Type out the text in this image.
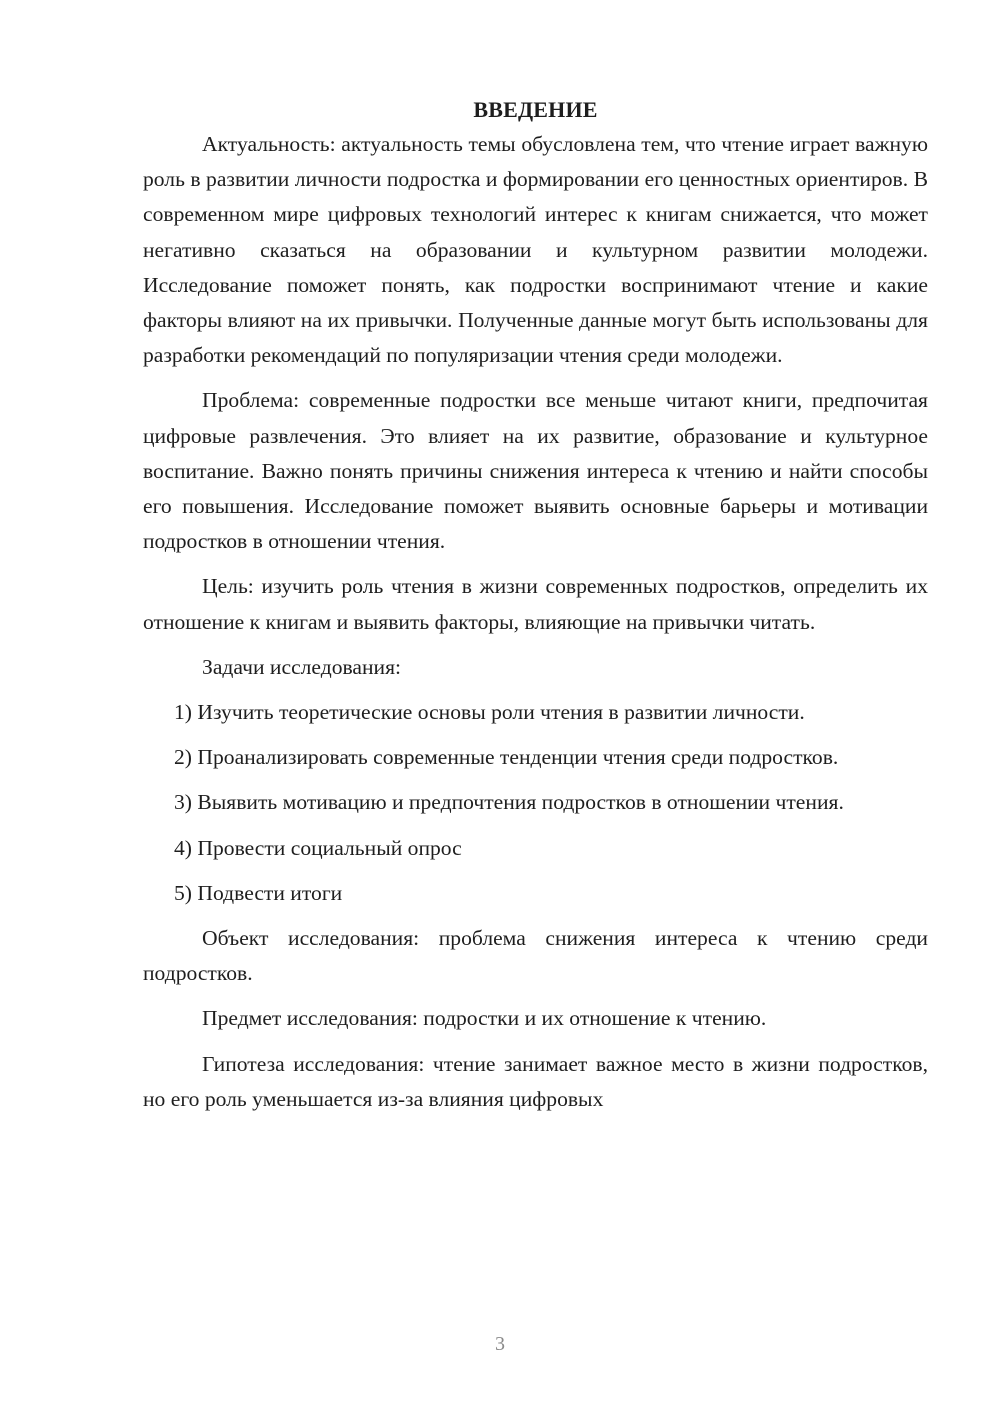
ВВЕДЕНИЕ

Актуальность: актуальность темы обусловлена тем, что чтение играет важную роль в развитии личности подростка и формировании его ценностных ориентиров. В современном мире цифровых технологий интерес к книгам снижается, что может негативно сказаться на образовании и культурном развитии молодежи. Исследование поможет понять, как подростки воспринимают чтение и какие факторы влияют на их привычки. Полученные данные могут быть использованы для разработки рекомендаций по популяризации чтения среди молодежи.

Проблема: современные подростки все меньше читают книги, предпочитая цифровые развлечения. Это влияет на их развитие, образование и культурное воспитание. Важно понять причины снижения интереса к чтению и найти способы его повышения. Исследование поможет выявить основные барьеры и мотивации подростков в отношении чтения.

Цель: изучить роль чтения в жизни современных подростков, определить их отношение к книгам и выявить факторы, влияющие на привычки читать.

Задачи исследования:

1) Изучить теоретические основы роли чтения в развитии личности.

2) Проанализировать современные тенденции чтения среди подростков.

3) Выявить мотивацию и предпочтения подростков в отношении чтения.

4) Провести социальный опрос

5) Подвести итоги

Объект исследования: проблема снижения интереса к чтению среди подростков.

Предмет исследования: подростки и их отношение к чтению.

Гипотеза исследования: чтение занимает важное место в жизни подростков, но его роль уменьшается из-за влияния цифровых

3
